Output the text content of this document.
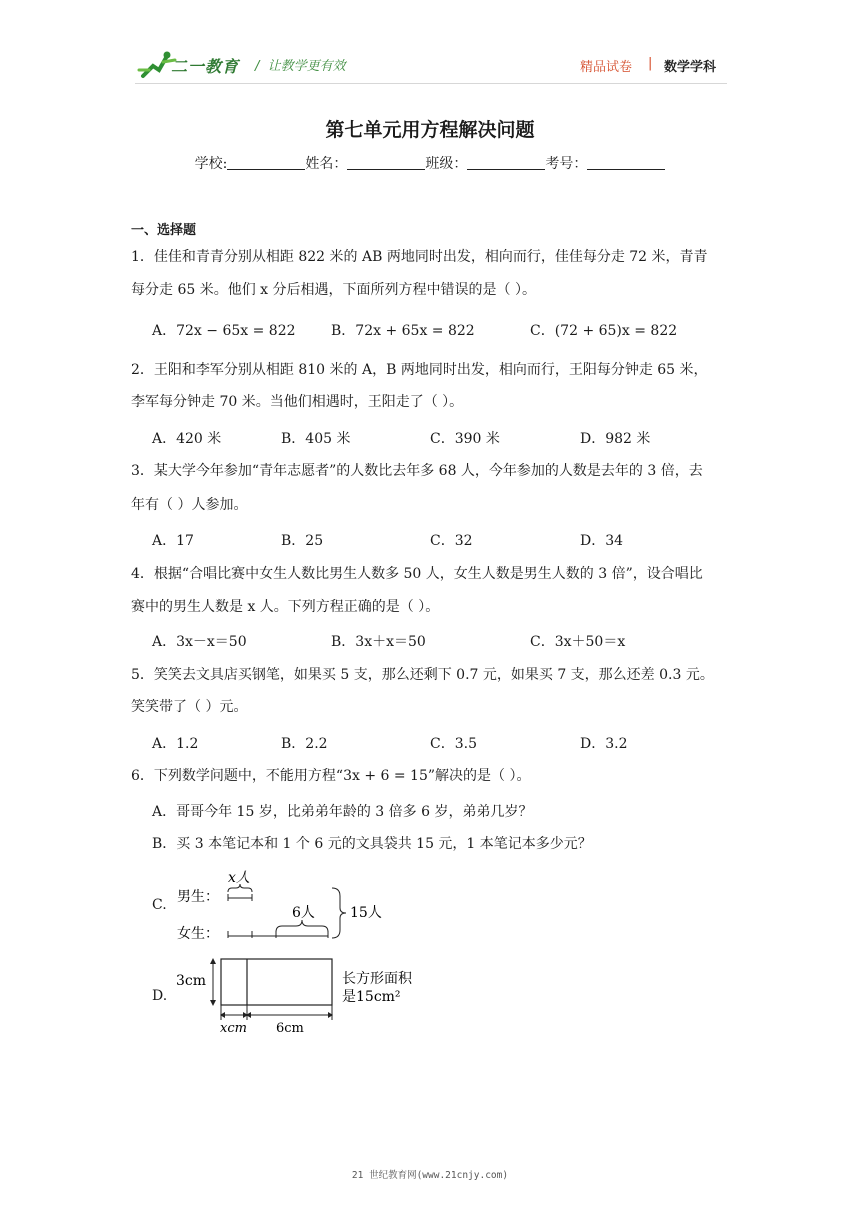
二一教育 /  让教学更有效	精品试卷 | 数学学科
第七单元用方程解决问题
学校:	姓名：	班级：	考号：
一、选择题
1．佳佳和青青分别从相距 822 米的 AB 两地同时出发，相向而行，佳佳每分走 72 米，青青
每分走 65 米。他们 x 分后相遇，下面所列方程中错误的是（ ）。
A．72x − 65x = 822	B．72x + 65x = 822	C．(72 + 65)x = 822
2．王阳和李军分别从相距 810 米的 A，B 两地同时出发，相向而行，王阳每分钟走 65 米，
李军每分钟走 70 米。当他们相遇时，王阳走了（ ）。
A．420 米	B．405 米	C．390 米	D．982 米
3．某大学今年参加“青年志愿者”的人数比去年多 68 人，今年参加的人数是去年的 3 倍，去
年有（ ）人参加。
A．17	B．25	C．32	D．34
4．根据“合唱比赛中女生人数比男生人数多 50 人，女生人数是男生人数的 3 倍”，设合唱比
赛中的男生人数是 x 人。下列方程正确的是（ ）。
A．3x－x＝50	B．3x＋x＝50	C．3x＋50＝x
5．笑笑去文具店买钢笔，如果买 5 支，那么还剩下 0.7 元，如果买 7 支，那么还差 0.3 元。
笑笑带了（ ）元。
A．1.2	B．2.2	C．3.5	D．3.2
6．下列数学问题中，不能用方程“3x + 6 = 15”解决的是（ ）。
A．哥哥今年 15 岁，比弟弟年龄的 3 倍多 6 岁，弟弟几岁？
B．买 3 本笔记本和 1 个 6 元的文具袋共 15 元，1 本笔记本多少元？
C.
D.
男生：
女生：
x人
6人	15人
3cm
xcm 6cm
长方形面积
是15cm²
21 世纪教育网(www.21cnjy.com)
